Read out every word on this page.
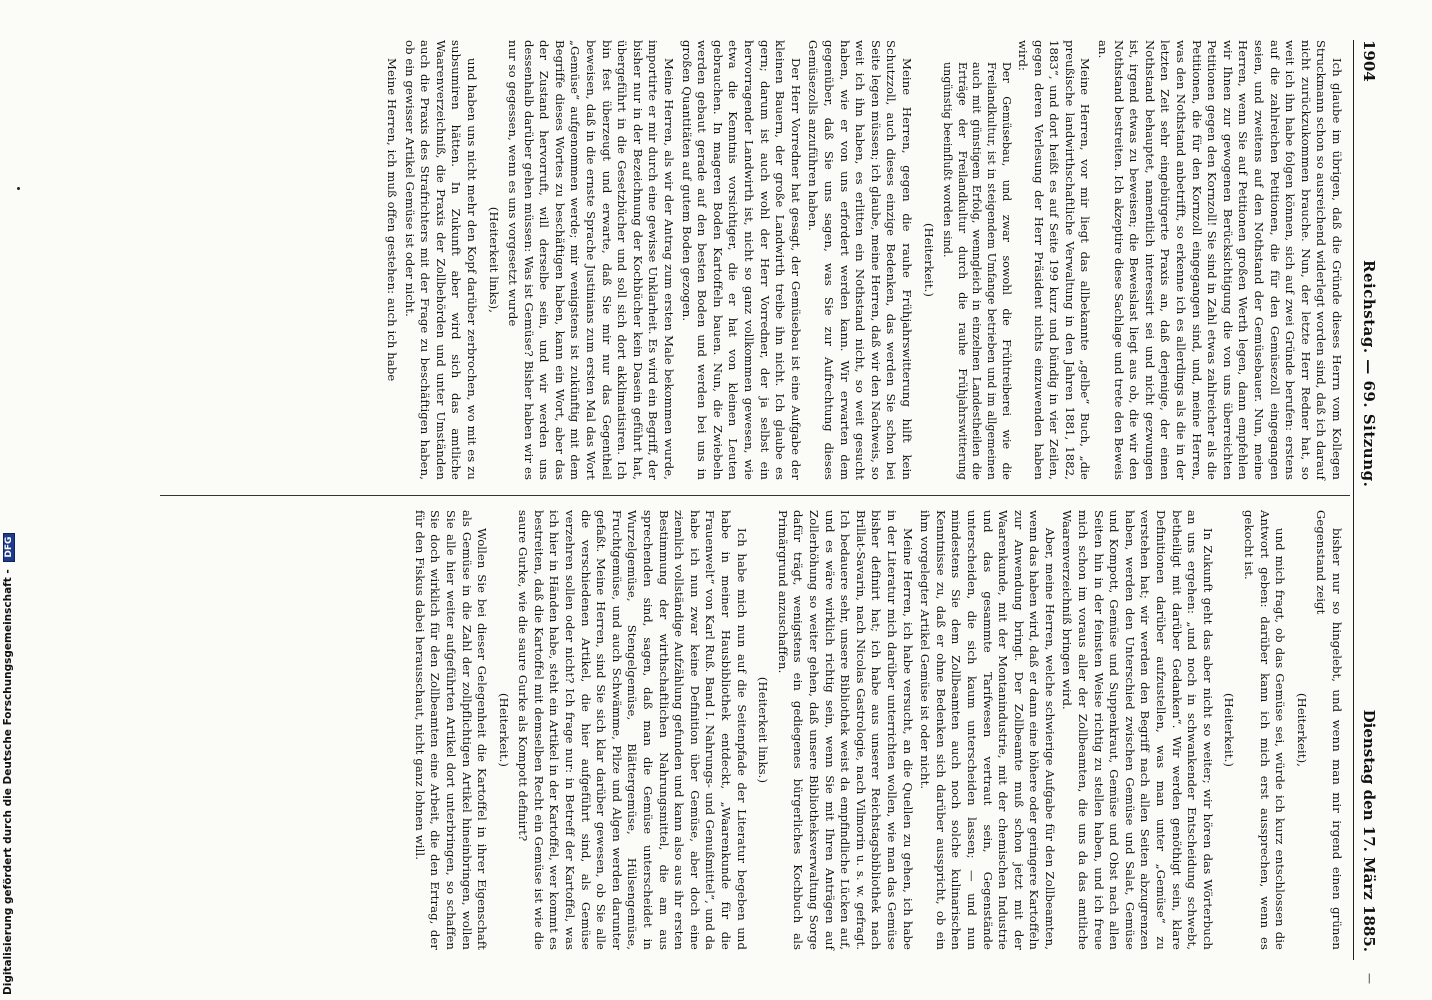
Digitalisierung gefördert durch die Deutsche Forschungsgemeinschaft - DFG
1904
Reichstag. — 69. Sitzung.
Dienstag den 17. März 1885.
—

Ich glaube im übrigen, daß die Gründe dieses Herrn vom Kollegen Struckmann schon so ausreichend widerlegt worden sind, daß ich darauf nicht zurückzukommen brauche. Nun, der letzte Herr Redner hat, so weit ich ihn habe folgen können, sich auf zwei Gründe berufen: erstens auf die zahlreichen Petitionen, die für den Gemüsezoll eingegangen seien, und zweitens auf den Nothstand der Gemüsebauer. Nun, meine Herren, wenn Sie auf Petitionen großen Werth legen, dann empfehlen wir Ihnen zur gewogenen Berücksichtigung die von uns überreichten Petitionen gegen den Kornzoll! Sie sind in Zahl etwas zahlreicher als die Petitionen, die für den Kornzoll eingegangen sind, und, meine Herren, was den Nothstand anbetrifft, so erkenne ich es allerdings als die in der letzten Zeit sehr eingebürgerte Praxis an, daß derjenige, der einen Nothstand behauptet, namentlich interessirt sei und nicht gezwungen ist, irgend etwas zu beweisen; die Beweislast liegt aus ob, die wir den Nothstand bestreiten. Ich akzeptire diese Sachlage und trete den Beweis an.

Meine Herren, vor mir liegt das allbekannte „gelbe“ Buch, „die preußische landwirthschaftliche Verwaltung in den Jahren 1881, 1882, 1883“, und dort heißt es auf Seite 199 kurz und bündig in vier Zeilen, gegen deren Verlesung der Herr Präsident nichts einzuwenden haben wird:

Der Gemüsebau, und zwar sowohl die Frühtreiberei wie die Freilandkultur, ist in steigendem Umfange betrieben und im allgemeinen auch mit günstigem Erfolg, wenngleich in einzelnen Landestheilen die Erträge der Freilandkultur durch die rauhe Frühjahrswitterung ungünstig beeinflußt worden sind.

(Heiterkeit.)

Meine Herren, gegen die rauhe Frühjahrswitterung hilft kein Schutzzoll, auch dieses einzige Bedenken, das werden Sie schon bei Seite legen müssen; ich glaube, meine Herren, daß wir den Nachweis, so weit ich ihn haben, es erlitten ein Nothstand nicht, so weit gesucht haben, wie er von uns erfordert werden kann. Wir erwarten dem gegenüber, daß Sie uns sagen, was Sie zur Aufrechtung dieses Gemüsezolls anzuführen haben.

Der Herr Vorredner hat gesagt, der Gemüsebau ist eine Aufgabe der kleinen Bauern, der große Landwirth treibe ihn nicht. Ich glaube es gern; darum ist auch wohl der Herr Vorredner, der ja selbst ein hervorragender Landwirth ist, nicht so ganz vollkommen gewesen, wie etwa die Kenntnis vorsichtiger, die er hat von kleinen Leuten gebrauchen. In mageren Boden Kartoffeln bauen. Nun, die Zwiebeln werden gebaut gerade auf den besten Boden und werden bei uns in großen Quantitäten auf gutem Boden gezogen.

Meine Herren, als wir der Antrag zum ersten Male bekommen wurde, importirte er mir durch eine gewisse Unklarheit. Es wird ein Begriff, der bisher nur in der Bezeichnung der Kochbücher kein Dasein geführt hat, übergeführt in die Gesetzbücher und soll sich dort akklimatisiren. Ich bin fest überzeugt und erwarte, daß Sie mir nur das Gegentheil beweisen, daß in die ernste Sprache Justinians zum ersten Mal das Wort „Gemüse“ aufgenommen werde; mir wenigstens ist zukünftig mit dem Begriffe dieses Wortes zu beschäftigen haben, kann ein Wort, aber das der Zustand hervorruft, will derselbe sein, und wir werden uns dessenhalb darüber gehen müssen: Was ist Gemüse? Bisher haben wir es nur so gegessen, wenn es uns vorgesetzt wurde

(Heiterkeit links),

und haben uns nicht mehr den Kopf darüber zerbrochen, wo mit es zu subsumiren hätten. In Zukunft aber wird sich das amtliche Waarenverzeichniß, die Praxis der Zollbehörden und unter Umständen auch die Praxis des Strafrichters mit der Frage zu beschäftigen haben, ob ein gewisser Artikel Gemüse ist oder nicht.

Meine Herren, ich muß offen gestehen: auch ich habe

bisher nur so hingelebt, und wenn man mir irgend einen grünen Gegenstand zeigt

(Heiterkeit),

und mich fragt, ob das Gemüse sei, würde ich kurz entschlossen die Antwort geben: darüber kann ich mich erst aussprechen, wenn es gekocht ist.

(Heiterkeit.)

In Zukunft geht das aber nicht so weiter; wir hören das Wörterbuch an uns ergehen: „und noch in schwankender Entscheidung schwebt, betheiligt mit darüber Gedanken“. Wir werden genöthigt sein, klare Definitionen darüber aufzustellen, was man unter „Gemüse“ zu verstehen hat; wir werden den Begriff nach allen Seiten abzugrenzen haben, werden den Unterschied zwischen Gemüse und Salat, Gemüse und Kompott, Gemüse und Suppenkraut, Gemüse und Obst nach allen Seiten hin in der feinsten Weise richtig zu stellen haben, und ich freue mich schon im voraus aller der Zollbeamten, die uns da das amtliche Waarenverzeichniß bringen wird.

Aber, meine Herren, welche schwierige Aufgabe für den Zollbeamten, wenn das haben wird, daß er dann eine höhere oder geringere Kartoffeln zur Anwendung bringt. Der Zollbeamte muß schon jetzt mit der Waarenkunde, mit der Montanindustrie, mit der chemischen Industrie und das gesammte Tarifwesen vertraut sein, Gegenstände unterscheiden, die sich kaum unterscheiden lassen; — und nun mindestens Sie dem Zollbeamten auch noch solche kulinarischen Kenntnisse zu, daß er ohne Bedenken sich darüber ausspricht, ob ein ihm vorgelegter Artikel Gemüse ist oder nicht.

Meine Herren, ich habe versucht, an die Quellen zu gehen, ich habe in der Literatur mich darüber unterrichten wollen, wie man das Gemüse bisher definirt hat; ich habe aus unserer Reichstagsbibliothek nach Brillat-Savarin, nach Nicolas Gastrologie, nach Vilmorin u. s. w. gefragt. Ich bedauere sehr, unsere Bibliothek weist da empfindliche Lücken auf, und es wäre wirklich richtig sein, wenn Sie mit Ihren Anträgen auf Zollerhöhung so weiter gehen, daß unsere Bibliotheksverwaltung Sorge dafür trägt, wenigstens ein gediegenes bürgerliches Kochbuch als Primärgrund anzuschaffen.

(Heiterkeit links.)

Ich habe mich nun auf die Seitenpfade der Literatur begeben und habe in meiner Hausbibliothek entdeckt, „Waarenkunde für die Frauenwelt“ von Karl Ruß. Band I. Nahrungs- und Genußmittel“, und da habe ich nun zwar keine Definition über Gemüse, aber doch eine ziemlich vollständige Aufzählung gefunden und kann also aus ihr ersten Bestimmung der wirthschaftlichen Nahrungsmittel, die am aus sprechenden sind, sagen, daß man die Gemüse unterscheidet in Wurzelgemüse, Stengelgemüse, Blättergemüse, Hülsengemüse, Fruchtgemüse, und auch Schwämme, Pilze und Algen werden darunter gefaßt. Meine Herren, sind Sie sich klar darüber gewesen, ob Sie alle die verschiedenen Artikel, die hier aufgeführt sind, als Gemüse verzehren sollen oder nicht? Ich frage nur: in Betreff der Kartoffel, was ich hier in Händen habe, steht ein Artikel in der Kartoffel, wer kommt es bestreiten, daß die Kartoffel mit demselben Recht ein Gemüse ist wie die saure Gurke, wie die saure Gurke als Kompott definirt?

(Heiterkeit.)

Wollen Sie bei dieser Gelegenheit die Kartoffel in ihrer Eigenschaft als Gemüse in die Zahl der zollpflichtigen Artikel hineinbringen, wollen Sie alle hier weiter aufgeführten Artikel dort unterbringen, so schaffen Sie doch wirklich für den Zollbeamten eine Arbeit, die den Ertrag, der für den Fiskus dabei herausschaut, nicht ganz lohnen will.
